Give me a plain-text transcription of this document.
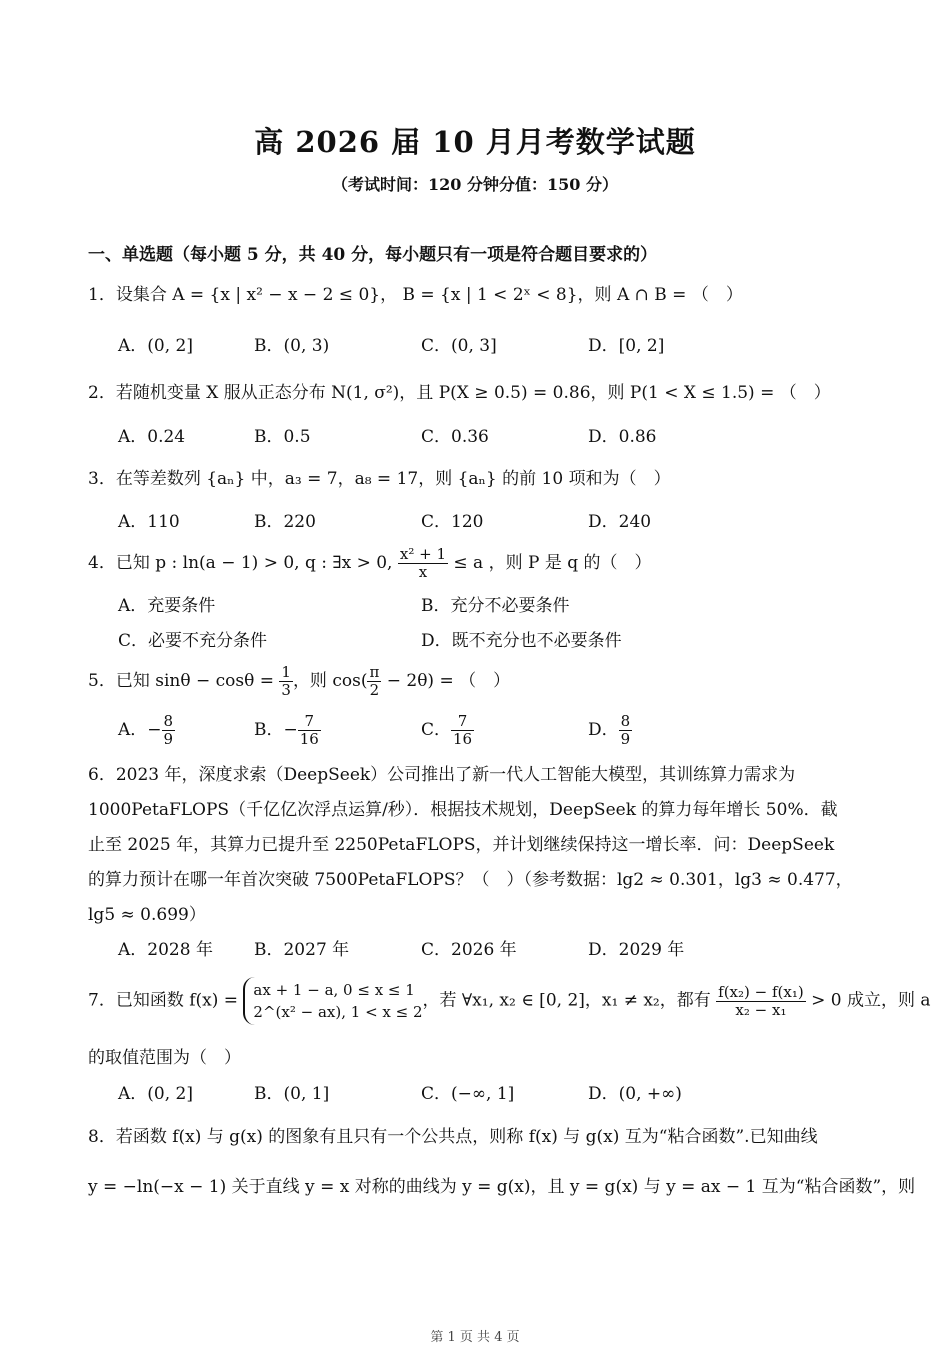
高 2026 届 10 月月考数学试题
（考试时间：120 分钟分值：150 分）
一、单选题（每小题 5 分，共 40 分，每小题只有一项是符合题目要求的）
1．设集合 A = {x | x² − x − 2 ≤ 0}， B = {x | 1 < 2ˣ < 8}，则 A ∩ B = （　）
A．(0, 2]	B．(0, 3)	C．(0, 3]	D．[0, 2]
2．若随机变量 X 服从正态分布 N(1, σ²)，且 P(X ≥ 0.5) = 0.86，则 P(1 < X ≤ 1.5) = （　）
A．0.24	B．0.5	C．0.36	D．0.86
3．在等差数列 {aₙ} 中，a₃ = 7，a₈ = 17，则 {aₙ} 的前 10 项和为（　）
A．110	B．220	C．120	D．240
4．已知 p : ln(a − 1) > 0, q : ∃x > 0, $\frac{\text{x² + 1}}{x} \le a$ ，则 P 是 q 的（　）
A．充要条件	B．充分不必要条件
C．必要不充分条件	D．既不充分也不必要条件
5．已知 $\sin\theta - \cos\theta = \frac{1}{3}$ ，则 $\cos( \frac{\pi}{2} - 2\theta)$ = （　）
A．− $\frac{8}{9}$	B．− $\frac{7}{16}$	C． $\frac{7}{16}$	D． $\frac{8}{9}$
6．2023 年，深度求索（DeepSeek）公司推出了新一代人工智能大模型，其训练算力需求为
1000PetaFLOPS（千亿亿次浮点运算/秒）．根据技术规划，DeepSeek 的算力每年增长 50%．截
止至 2025 年，其算力已提升至 2250PetaFLOPS，并计划继续保持这一增长率．问：DeepSeek
的算力预计在哪一年首次突破 7500PetaFLOPS？（　）（参考数据：lg2 ≈ 0.301，lg3 ≈ 0.477，
lg5 ≈ 0.699）
A．2028 年 B．2027 年	C．2026 年	D．2029 年
7．已知函数 f(x) =
ax + 1 − a, 0 ≤ x ≤ 1
2^(x² − ax), 1 < x ≤ 2
，若 ∀x₁, x₂ ∈ [0, 2]，x₁ ≠ x₂，都有 $\frac{\text{f(x₂) − f(x₁)}}{\text{x₂ − x₁}} > 0$ 成立，则 a
的取值范围为（　）
A．(0, 2]	B．(0, 1]	C．(−∞, 1]	D．(0, +∞)
8．若函数 f(x) 与 g(x) 的图象有且只有一个公共点，则称 f(x) 与 g(x) 互为“粘合函数”.已知曲线
y = −ln(−x − 1) 关于直线 y = x 对称的曲线为 y = g(x)，且 y = g(x) 与 y = ax − 1 互为“粘合函数”，则
第 1 页 共 4 页
